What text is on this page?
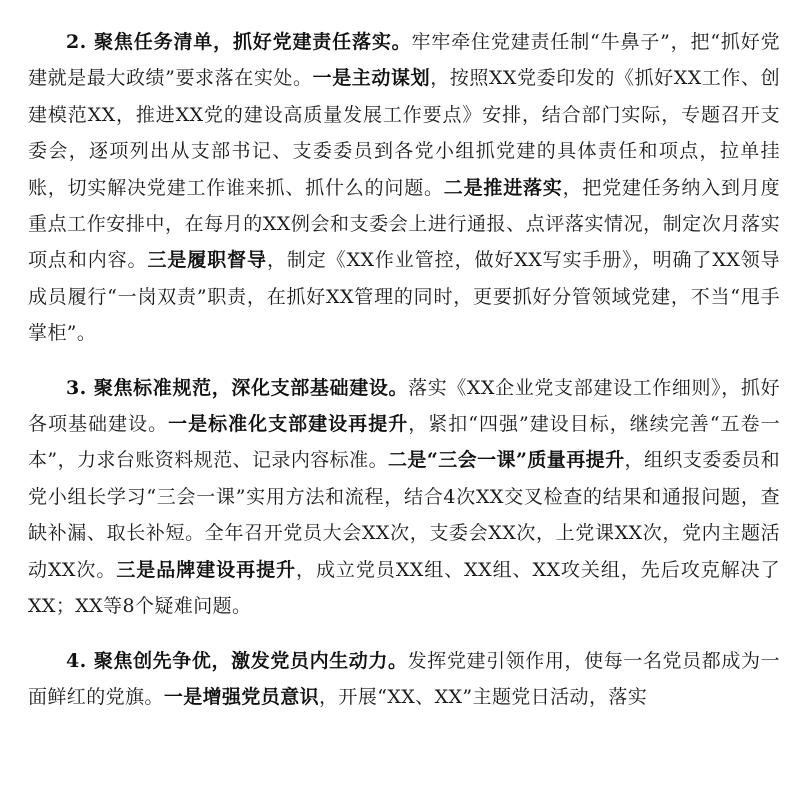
2. 聚焦任务清单，抓好党建责任落实。牢牢牵住党建责任制“牛鼻子”，把“抓好党建就是最大政绩”要求落在实处。一是主动谋划，按照XX党委印发的《抓好XX工作、创建模范XX，推进XX党的建设高质量发展工作要点》安排，结合部门实际，专题召开支委会，逐项列出从支部书记、支委委员到各党小组抓党建的具体责任和项点，拉单挂账，切实解决党建工作谁来抓、抓什么的问题。二是推进落实，把党建任务纳入到月度重点工作安排中，在每月的XX例会和支委会上进行通报、点评落实情况，制定次月落实项点和内容。三是履职督导，制定《XX作业管控，做好XX写实手册》，明确了XX领导成员履行“一岗双责”职责，在抓好XX管理的同时，更要抓好分管领域党建，不当“甩手掌柜”。

3. 聚焦标准规范，深化支部基础建设。落实《XX企业党支部建设工作细则》，抓好各项基础建设。一是标准化支部建设再提升，紧扣“四强”建设目标，继续完善“五卷一本”，力求台账资料规范、记录内容标准。二是“三会一课”质量再提升，组织支委委员和党小组长学习“三会一课”实用方法和流程，结合4次XX交叉检查的结果和通报问题，查缺补漏、取长补短。全年召开党员大会XX次，支委会XX次，上党课XX次，党内主题活动XX次。三是品牌建设再提升，成立党员XX组、XX组、XX攻关组，先后攻克解决了XX；XX等8个疑难问题。

4. 聚焦创先争优，激发党员内生动力。发挥党建引领作用，使每一名党员都成为一面鲜红的党旗。一是增强党员意识，开展“XX、XX”主题党日活动，落实
